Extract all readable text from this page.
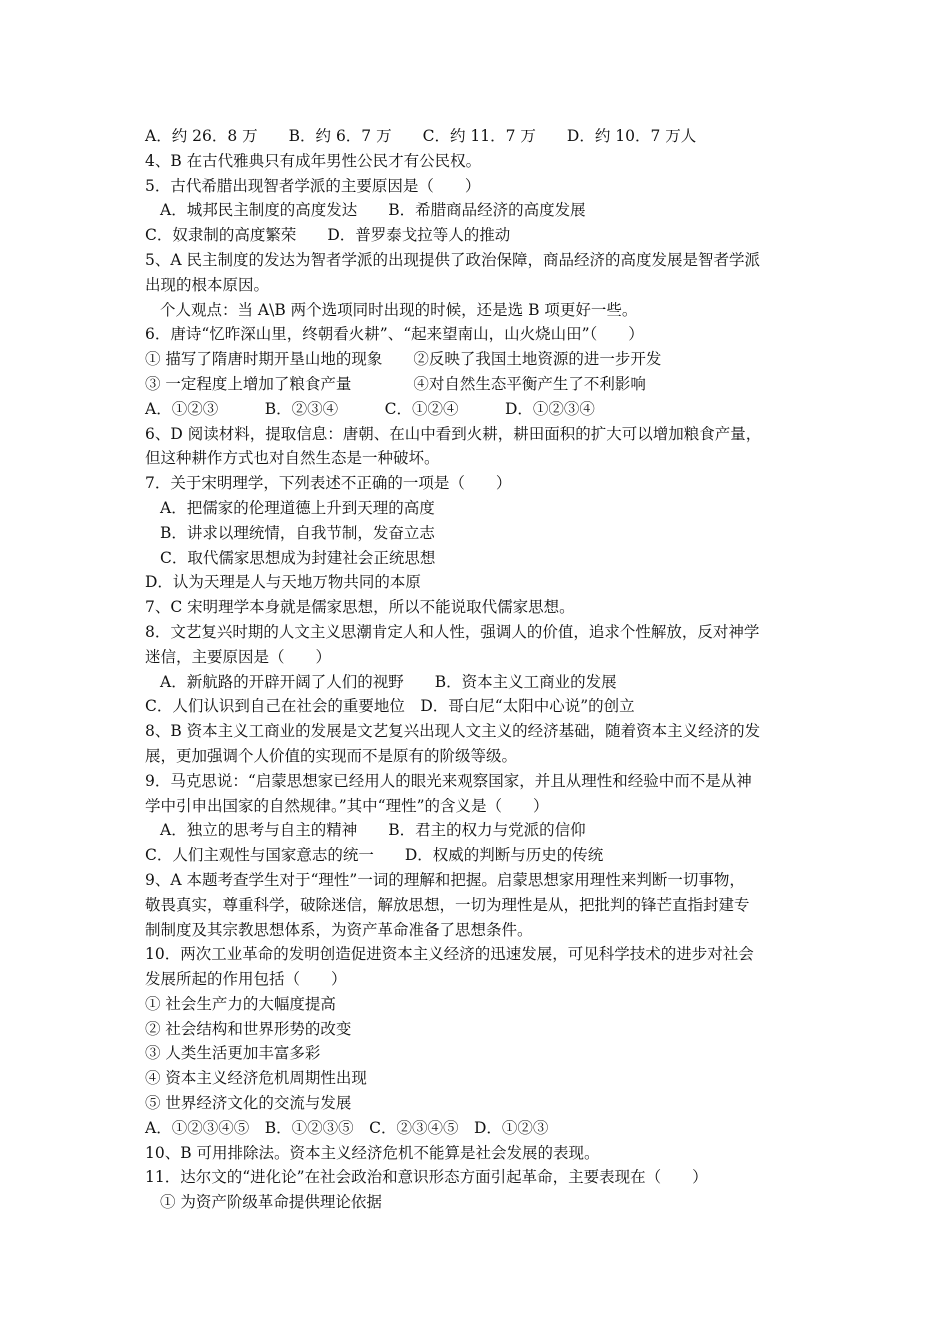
A．约 26．8 万　　B．约 6．7 万　　C．约 11．7 万　　D．约 10．7 万人
4、B 在古代雅典只有成年男性公民才有公民权。
5．古代希腊出现智者学派的主要原因是（　　）
A．城邦民主制度的高度发达　　B．希腊商品经济的高度发展
C．奴隶制的高度繁荣　　D．普罗泰戈拉等人的推动
5、A 民主制度的发达为智者学派的出现提供了政治保障，商品经济的高度发展是智者学派
出现的根本原因。
个人观点：当 A\B 两个选项同时出现的时候，还是选 B 项更好一些。
6．唐诗“忆昨深山里，终朝看火耕”、“起来望南山，山火烧山田”（　　）
① 描写了隋唐时期开垦山地的现象　　②反映了我国土地资源的进一步开发
③ 一定程度上增加了粮食产量　　　　④对自然生态平衡产生了不利影响
A．①②③　　　B．②③④　　　C．①②④　　　D．①②③④
6、D 阅读材料，提取信息：唐朝、在山中看到火耕，耕田面积的扩大可以增加粮食产量，
但这种耕作方式也对自然生态是一种破坏。
7．关于宋明理学，下列表述不正确的一项是（　　）
A．把儒家的伦理道德上升到天理的高度
B．讲求以理统情，自我节制，发奋立志
C．取代儒家思想成为封建社会正统思想
D．认为天理是人与天地万物共同的本原
7、C 宋明理学本身就是儒家思想，所以不能说取代儒家思想。
8．文艺复兴时期的人文主义思潮肯定人和人性，强调人的价值，追求个性解放，反对神学
迷信，主要原因是（　　）
A．新航路的开辟开阔了人们的视野　　B．资本主义工商业的发展
C．人们认识到自己在社会的重要地位　D．哥白尼“太阳中心说”的创立
8、B 资本主义工商业的发展是文艺复兴出现人文主义的经济基础，随着资本主义经济的发
展，更加强调个人价值的实现而不是原有的阶级等级。
9．马克思说：“启蒙思想家已经用人的眼光来观察国家，并且从理性和经验中而不是从神
学中引申出国家的自然规律。”其中“理性”的含义是（　　）
A．独立的思考与自主的精神　　B．君主的权力与党派的信仰
C．人们主观性与国家意志的统一　　D．权威的判断与历史的传统
9、A 本题考查学生对于“理性”一词的理解和把握。启蒙思想家用理性来判断一切事物，
敬畏真实，尊重科学，破除迷信，解放思想，一切为理性是从，把批判的锋芒直指封建专
制制度及其宗教思想体系，为资产革命准备了思想条件。
10．两次工业革命的发明创造促进资本主义经济的迅速发展，可见科学技术的进步对社会
发展所起的作用包括（　　）
① 社会生产力的大幅度提高
② 社会结构和世界形势的改变
③ 人类生活更加丰富多彩
④ 资本主义经济危机周期性出现
⑤ 世界经济文化的交流与发展
A．①②③④⑤　B．①②③⑤　C．②③④⑤　D．①②③
10、B 可用排除法。资本主义经济危机不能算是社会发展的表现。
11．达尔文的“进化论”在社会政治和意识形态方面引起革命，主要表现在（　　）
① 为资产阶级革命提供理论依据
